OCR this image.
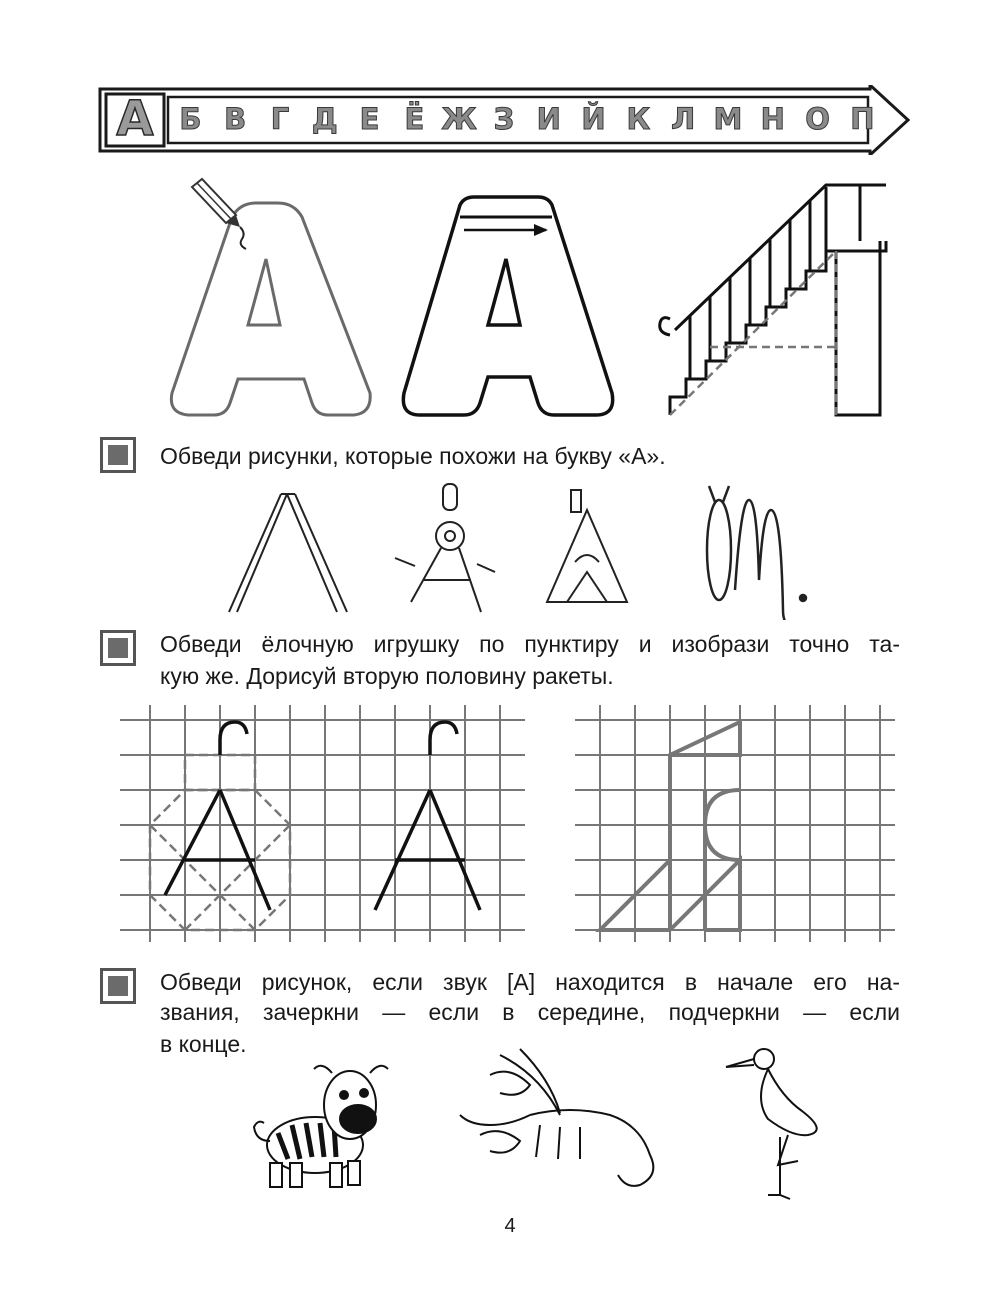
А Б В Г Д Е Ё Ж З И Й К Л М Н О П
Обведи рисунки, которые похожи на букву «А».
Обведи ёлочную игрушку по пунктиру и изобрази точно та-
кую же. Дорисуй вторую половину ракеты.
Обведи рисунок, если звук [А] находится в начале его на-
звания, зачеркни — если в середине, подчеркни — если
в конце.
4
